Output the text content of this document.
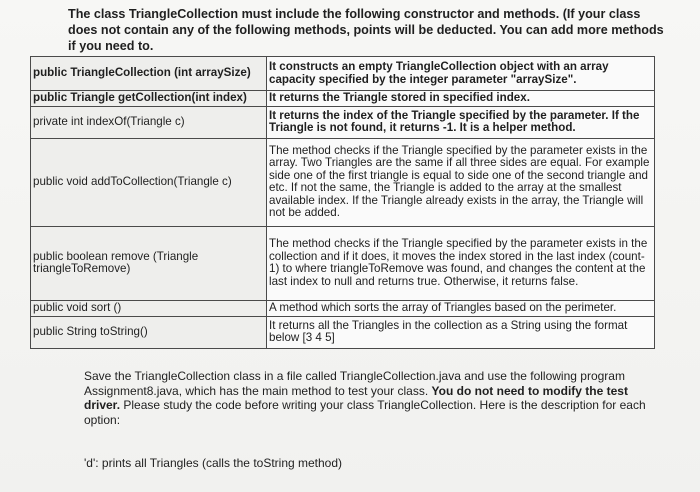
The class TriangleCollection must include the following constructor and methods. (If your class does not contain any of the following methods, points will be deducted. You can add more methods if you need to.
public TriangleCollection (int arraySize)	It constructs an empty TriangleCollection object with an array capacity specified by the integer parameter "arraySize".
public Triangle getCollection(int index)	It returns the Triangle stored in specified index.
private int indexOf(Triangle c)	It returns the index of the Triangle specified by the parameter. If the Triangle is not found, it returns -1. It is a helper method.
public void addToCollection(Triangle c)	The method checks if the Triangle specified by the parameter exists in the array. Two Triangles are the same if all three sides are equal. For example side one of the first triangle is equal to side one of the second triangle and etc. If not the same, the Triangle is added to the array at the smallest available index. If the Triangle already exists in the array, the Triangle will not be added.
public boolean remove (Triangle triangleToRemove)	The method checks if the Triangle specified by the parameter exists in the collection and if it does, it moves the index stored in the last index (count-1) to where triangleToRemove was found, and changes the content at the last index to null and returns true. Otherwise, it returns false.
public void sort ()	A method which sorts the array of Triangles based on the perimeter.
public String toString()	It returns all the Triangles in the collection as a String using the format below [3 4 5]
Save the TriangleCollection class in a file called TriangleCollection.java and use the following program Assignment8.java, which has the main method to test your class. You do not need to modify the test driver. Please study the code before writing your class TriangleCollection. Here is the description for each option:
'd': prints all Triangles (calls the toString method)
